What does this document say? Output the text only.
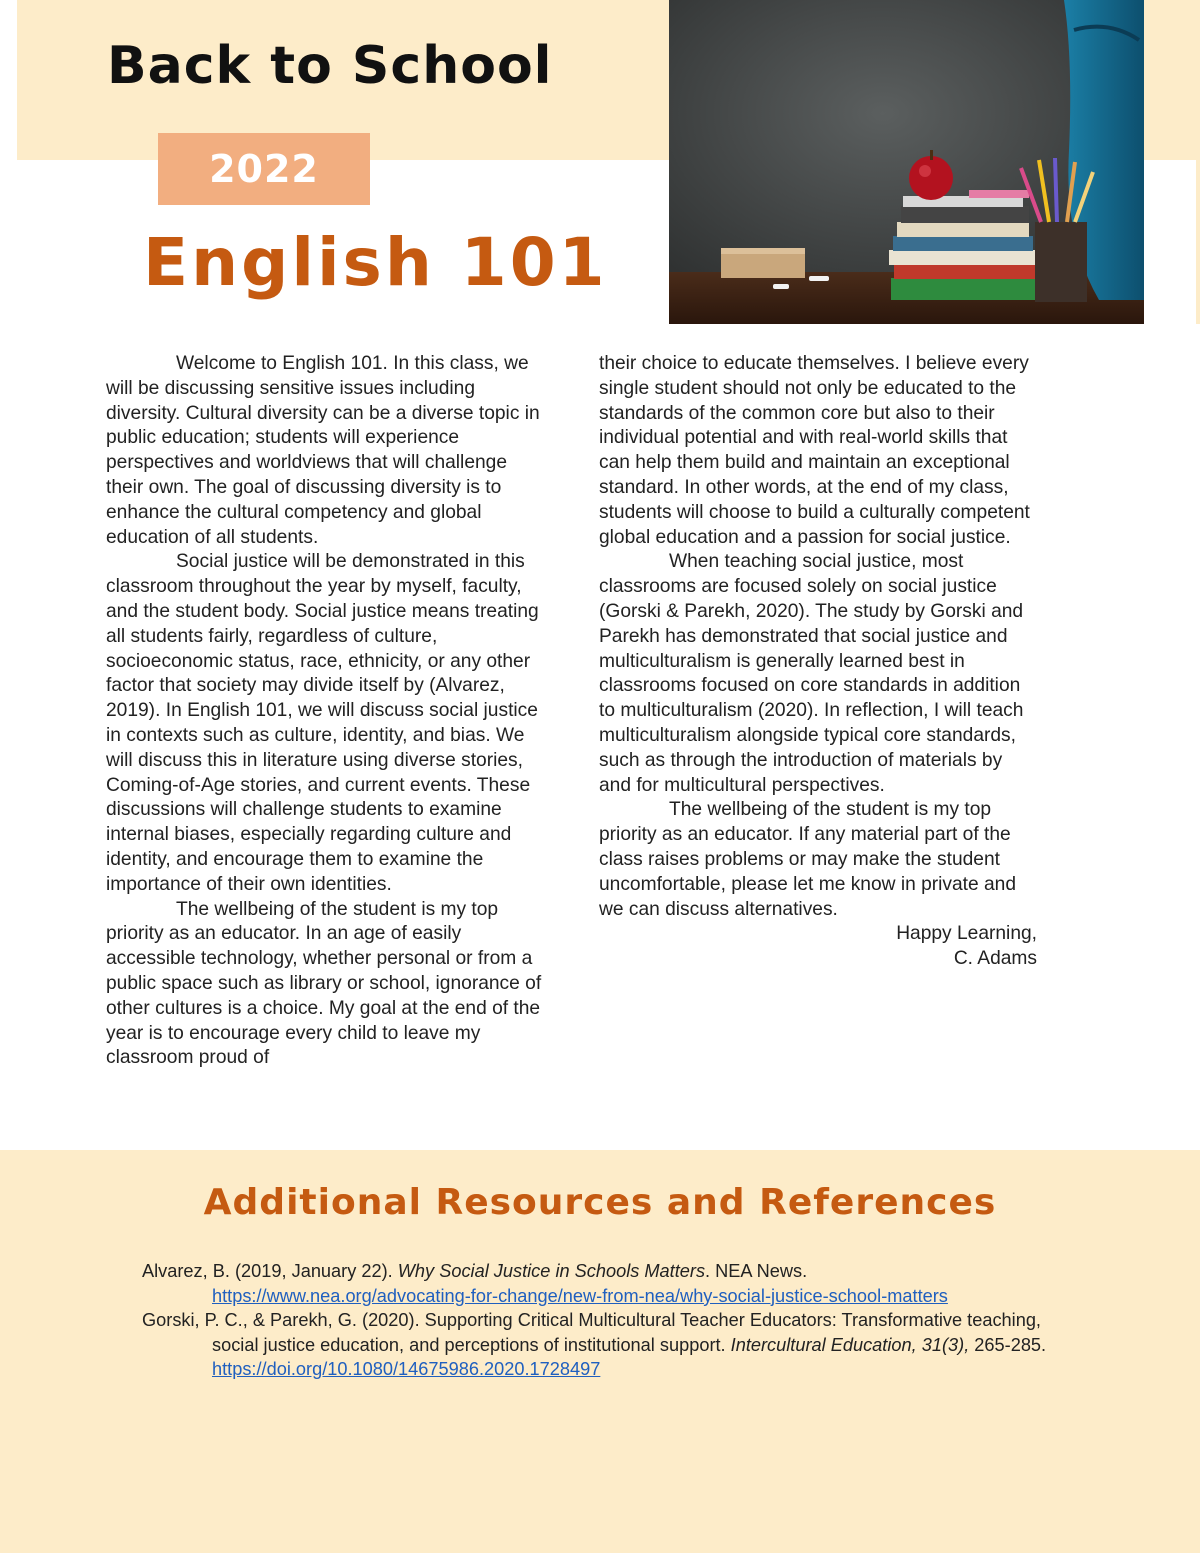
Back to School
2022
English 101

Welcome to English 101. In this class, we will be discussing sensitive issues including diversity. Cultural diversity can be a diverse topic in public education; students will experience perspectives and worldviews that will challenge their own. The goal of discussing diversity is to enhance the cultural competency and global education of all students.

Social justice will be demonstrated in this classroom throughout the year by myself, faculty, and the student body. Social justice means treating all students fairly, regardless of culture, socioeconomic status, race, ethnicity, or any other factor that society may divide itself by (Alvarez, 2019). In English 101, we will discuss social justice in contexts such as culture, identity, and bias. We will discuss this in literature using diverse stories, Coming-of-Age stories, and current events. These discussions will challenge students to examine internal biases, especially regarding culture and identity, and encourage them to examine the importance of their own identities.

The wellbeing of the student is my top priority as an educator. In an age of easily accessible technology, whether personal or from a public space such as library or school, ignorance of other cultures is a choice. My goal at the end of the year is to encourage every child to leave my classroom proud of

their choice to educate themselves. I believe every single student should not only be educated to the standards of the common core but also to their individual potential and with real-world skills that can help them build and maintain an exceptional standard. In other words, at the end of my class, students will choose to build a culturally competent global education and a passion for social justice.

When teaching social justice, most classrooms are focused solely on social justice (Gorski & Parekh, 2020). The study by Gorski and Parekh has demonstrated that social justice and multiculturalism is generally learned best in classrooms focused on core standards in addition to multiculturalism (2020). In reflection, I will teach multiculturalism alongside typical core standards, such as through the introduction of materials by and for multicultural perspectives.

The wellbeing of the student is my top priority as an educator. If any material part of the class raises problems or may make the student uncomfortable, please let me know in private and we can discuss alternatives.

Happy Learning,

C. Adams

Additional Resources and References

Alvarez, B. (2019, January 22). Why Social Justice in Schools Matters. NEA News. https://www.nea.org/advocating-for-change/new-from-nea/why-social-justice-school-matters

Gorski, P. C., & Parekh, G. (2020). Supporting Critical Multicultural Teacher Educators: Transformative teaching, social justice education, and perceptions of institutional support. Intercultural Education, 31(3), 265-285. https://doi.org/10.1080/14675986.2020.1728497
